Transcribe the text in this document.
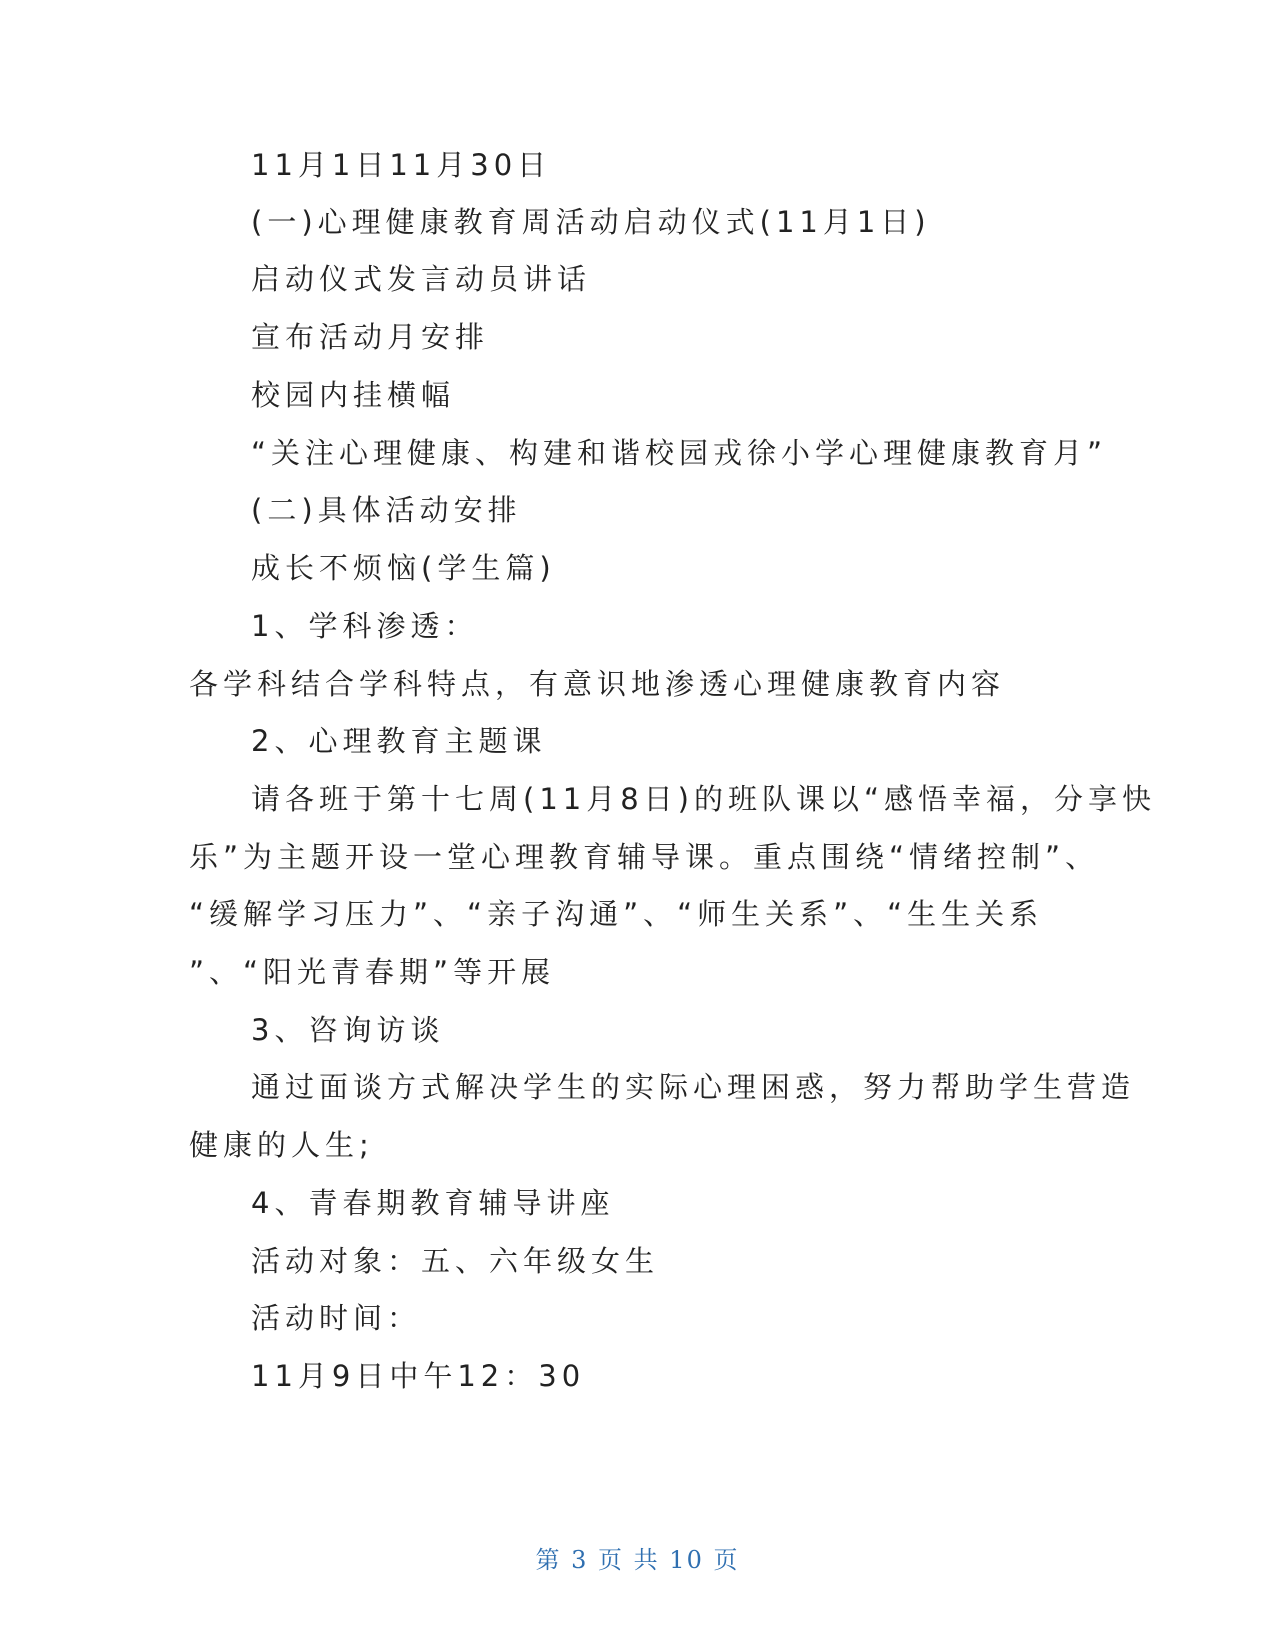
11月1日11月30日
(一)心理健康教育周活动启动仪式(11月1日)
启动仪式发言动员讲话
宣布活动月安排
校园内挂横幅
“关注心理健康、构建和谐校园戎徐小学心理健康教育月”
(二)具体活动安排
成长不烦恼(学生篇)
1、学科渗透：
各学科结合学科特点，有意识地渗透心理健康教育内容
2、心理教育主题课
请各班于第十七周(11月8日)的班队课以“感悟幸福，分享快
乐”为主题开设一堂心理教育辅导课。重点围绕“情绪控制”、
“缓解学习压力”、“亲子沟通”、“师生关系”、“生生关系
”、“阳光青春期”等开展
3、咨询访谈
通过面谈方式解决学生的实际心理困惑，努力帮助学生营造
健康的人生;
4、青春期教育辅导讲座
活动对象：五、六年级女生
活动时间：
11月9日中午12：30
第 3 页 共 10 页
